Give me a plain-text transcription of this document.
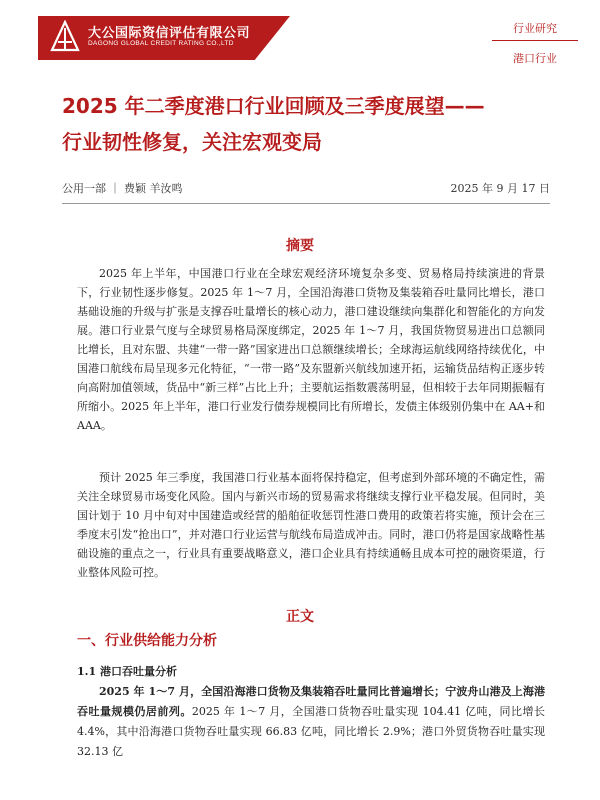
大公国际资信评估有限公司
DAGONG GLOBAL CREDIT RATING CO.,LTD
行业研究
港口行业
2025 年二季度港口行业回顾及三季度展望——
行业韧性修复，关注宏观变局
公用一部 ｜ 费颖 羊汝鸣	2025 年 9 月 17 日
摘要
2025 年上半年，中国港口行业在全球宏观经济环境复杂多变、贸易格局持续演进的背景下，行业韧性逐步修复。2025 年 1～7 月，全国沿海港口货物及集装箱吞吐量同比增长，港口基础设施的升级与扩张是支撑吞吐量增长的核心动力，港口建设继续向集群化和智能化的方向发展。港口行业景气度与全球贸易格局深度绑定，2025 年 1～7 月，我国货物贸易进出口总额同比增长，且对东盟、共建“一带一路”国家进出口总额继续增长；全球海运航线网络持续优化，中国港口航线布局呈现多元化特征，“一带一路”及东盟新兴航线加速开拓，运输货品结构正逐步转向高附加值领域，货品中“新三样”占比上升；主要航运指数震荡明显，但相较于去年同期振幅有所缩小。2025 年上半年，港口行业发行债券规模同比有所增长，发债主体级别仍集中在 AA+和 AAA。
预计 2025 年三季度，我国港口行业基本面将保持稳定，但考虑到外部环境的不确定性，需关注全球贸易市场变化风险。国内与新兴市场的贸易需求将继续支撑行业平稳发展。但同时，美国计划于 10 月中旬对中国建造或经营的船舶征收惩罚性港口费用的政策若将实施，预计会在三季度末引发“抢出口”，并对港口行业运营与航线布局造成冲击。同时，港口仍将是国家战略性基础设施的重点之一，行业具有重要战略意义，港口企业具有持续通畅且成本可控的融资渠道，行业整体风险可控。
正文
一、行业供给能力分析
1.1 港口吞吐量分析
2025 年 1～7 月，全国沿海港口货物及集装箱吞吐量同比普遍增长；宁波舟山港及上海港吞吐量规模仍居前列。2025 年 1～7 月，全国港口货物吞吐量实现 104.41 亿吨，同比增长 4.4%，其中沿海港口货物吞吐量实现 66.83 亿吨，同比增长 2.9%；港口外贸货物吞吐量实现 32.13 亿
